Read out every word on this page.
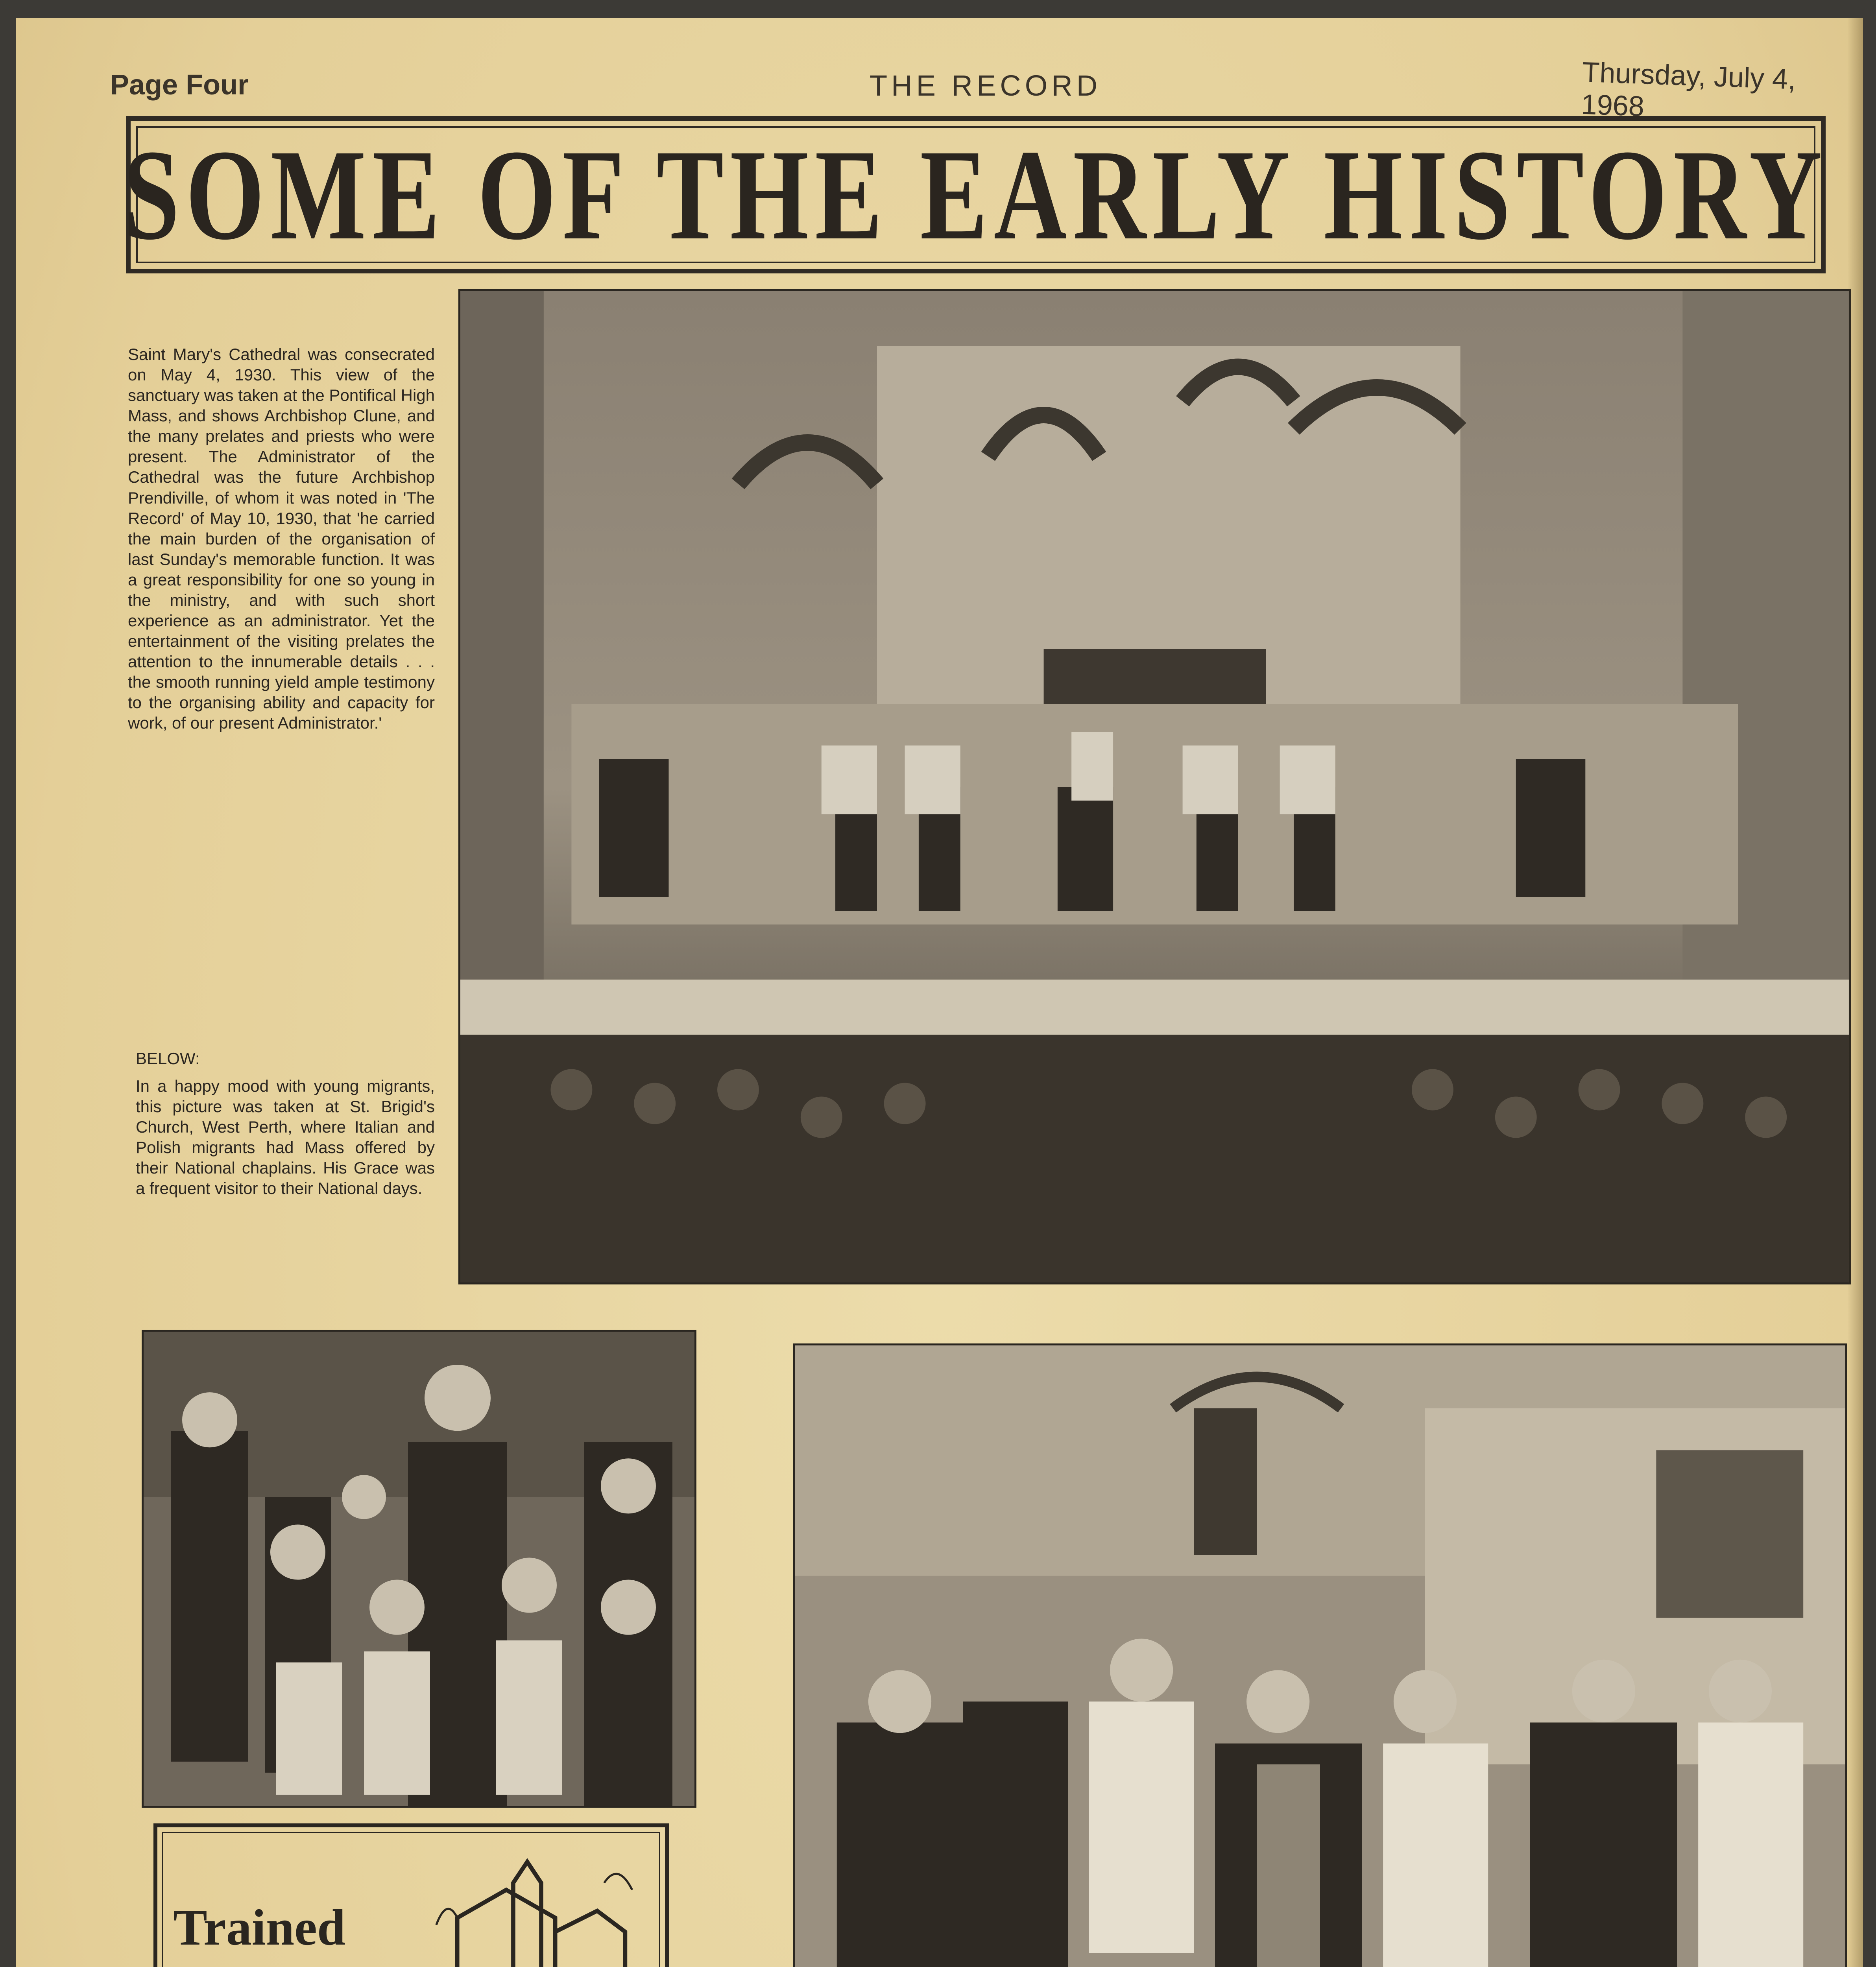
Page Four	THE RECORD	Thursday, July 4, 1968
SOME OF THE EARLY HISTORY
Saint Mary's Cathedral was consecrated on May 4, 1930. This view of the sanctuary was taken at the Pontifical High Mass, and shows Archbishop Clune, and the many prelates and priests who were present. The Administrator of the Cathedral was the future Archbishop Prendiville, of whom it was noted in 'The Record' of May 10, 1930, that 'he carried the main burden of the organisation of last Sunday's memorable function. It was a great responsibility for one so young in the ministry, and with such short experience as an administrator. Yet the entertainment of the visiting prelates the attention to the innumerable details . . . the smooth running yield ample testimony to the organising ability and capacity for work, of our present Administrator.'
BELOW:
In a happy mood with young migrants, this picture was taken at St. Brigid's Church, West Perth, where Italian and Polish migrants had Mass offered by their National chaplains. His Grace was a frequent visitor to their National days.
Trained
